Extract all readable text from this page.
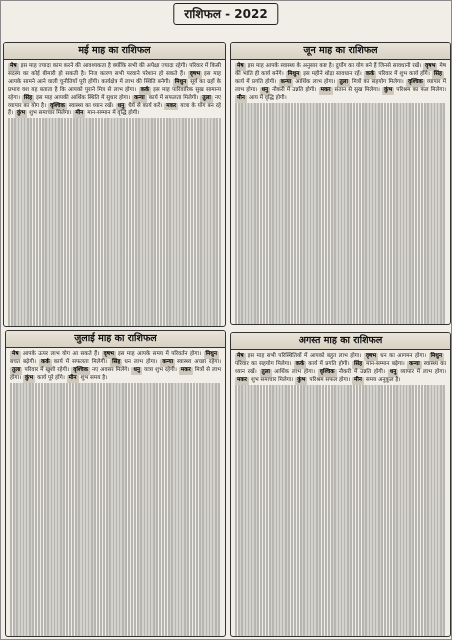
राशिफल - 2022
मई माह का राशिफल

मेष इस माह ज्यादा काम करने की आवश्यकता है क्योंकि सभी की अपेक्षा ज्यादा रहेगी। परिवार में किसी सदस्य का कोई बीमारी हो सकती है। निज कारण सभी परवाने परेशान हो सकते हैं। वृषभ इस माह आपके सामने आने वाली चुनौतियाँ पूरी होंगी। कार्यक्षेत्र में लाभ की स्थिति बनेगी। मिथुन सूर्य का ग्रहों के प्रभाव वश यह बताता है कि आपको पुराने मित्र से लाभ होगा। कर्क इस माह पारिवारिक सुख सामान्य रहेगा। सिंह इस माह आपकी आर्थिक स्थिति में सुधार होगा। कन्या कार्य में सफलता मिलेगी। तुला नए व्यापार का योग है। वृश्चिक स्वास्थ्य का ध्यान रखें। धनु धैर्य से कार्य करें। मकर यात्रा के योग बन रहे हैं। कुंभ शुभ समाचार मिलेगा। मीन मान-सम्मान में वृद्धि होगी।

जून माह का राशिफल

मेष इस माह आपके स्वास्थ्य के अनुसार कष्ट है। दुर्योग का योग बने हैं जिनसे सावधानी रखें। वृषभ मेष की भांति ही कार्य बनेंगे। मिथुन इस महीने थोड़ा सावधान रहें। कर्क परिवार में शुभ कार्य होंगे। सिंहकार्य में प्रगति होगी। कन्या आर्थिक लाभ होगा। तुला मित्रों का सहयोग मिलेगा। वृश्चिक व्यापार में लाभ होगा। धनु नौकरी में उन्नति होगी। मकर संतान से सुख मिलेगा। कुंभ परिश्रम का फल मिलेगा। मीन आय में वृद्धि होगी।

जुलाई माह का राशिफल

मेष आपके ऊपर लाभ योग आ सकते हैं। वृषभ इस माह आपके समय में परिवर्तन होगा। मिथुनबचत बढ़ेगी। कर्क कार्य में सफलता मिलेगी। सिंह धन लाभ होगा। कन्या स्वास्थ्य अच्छा रहेगा। तुला परिवार में खुशी रहेगी। वृश्चिक नए अवसर मिलेंगे। धनु यात्रा शुभ रहेगी। मकर मित्रों से लाभ होगा। कुंभ कार्य पूरे होंगे। मीन शुभ समय है।

अगस्त माह का राशिफल

मेष इस माह सभी परिस्थितियों में आपको बहुत लाभ होगा। वृषभ धन का आगमन होगा। मिथुनपरिवार का सहयोग मिलेगा। कर्क कार्य में प्रगति होगी। सिंह मान-सम्मान बढ़ेगा। कन्या स्वास्थ्य का ध्यान रखें। तुला आर्थिक लाभ होगा। वृश्चिक नौकरी में उन्नति होगी। धनु व्यापार में लाभ होगा। मकर शुभ समाचार मिलेगा। कुंभ परिश्रम सफल होगा। मीन समय अनुकूल है।
